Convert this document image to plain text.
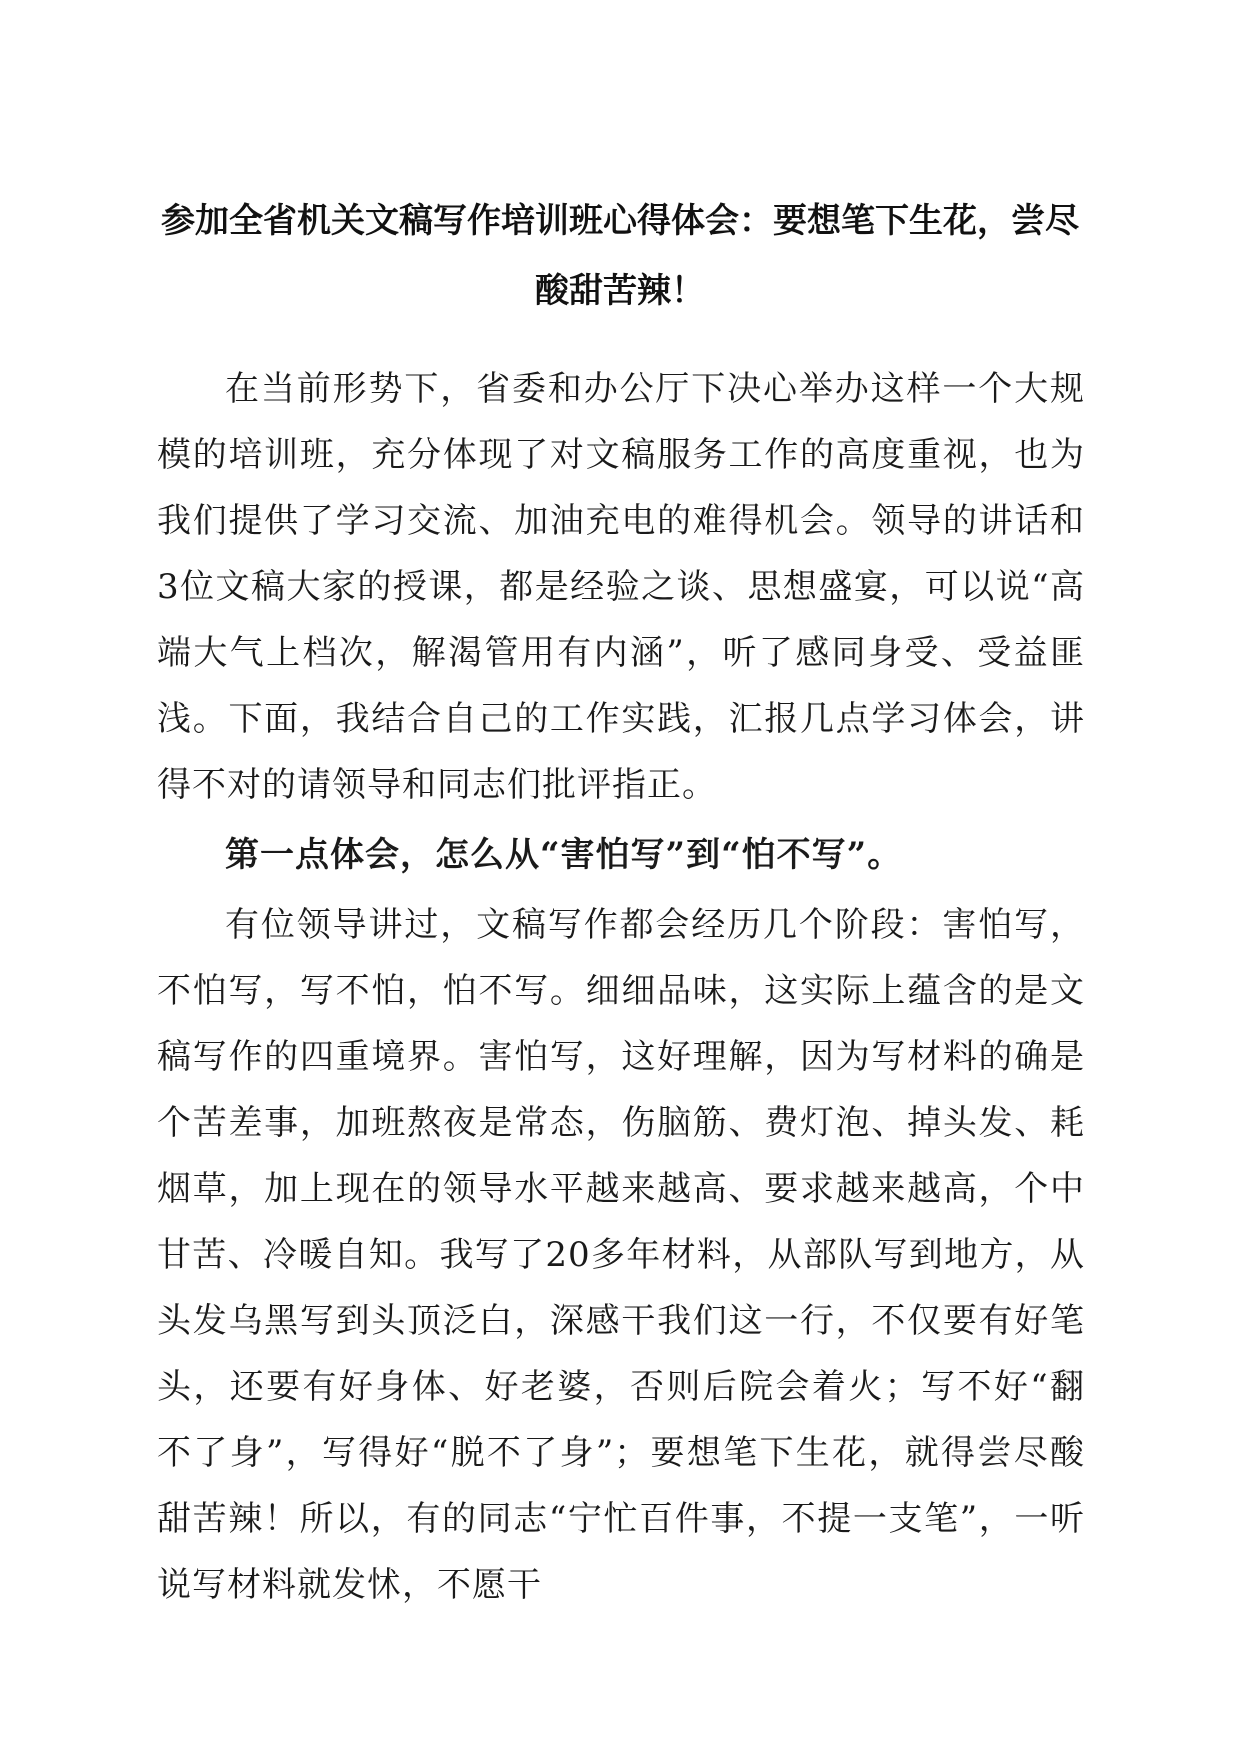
参加全省机关文稿写作培训班心得体会：要想笔下生花，尝尽酸甜苦辣！

在当前形势下，省委和办公厅下决心举办这样一个大规模的培训班，充分体现了对文稿服务工作的高度重视，也为我们提供了学习交流、加油充电的难得机会。领导的讲话和3位文稿大家的授课，都是经验之谈、思想盛宴，可以说“高端大气上档次，解渴管用有内涵”，听了感同身受、受益匪浅。下面，我结合自己的工作实践，汇报几点学习体会，讲得不对的请领导和同志们批评指正。

第一点体会，怎么从“害怕写”到“怕不写”。

有位领导讲过，文稿写作都会经历几个阶段：害怕写，不怕写，写不怕，怕不写。细细品味，这实际上蕴含的是文稿写作的四重境界。害怕写，这好理解，因为写材料的确是个苦差事，加班熬夜是常态，伤脑筋、费灯泡、掉头发、耗烟草，加上现在的领导水平越来越高、要求越来越高，个中甘苦、冷暖自知。我写了20多年材料，从部队写到地方，从头发乌黑写到头顶泛白，深感干我们这一行，不仅要有好笔头，还要有好身体、好老婆，否则后院会着火；写不好“翻不了身”，写得好“脱不了身”；要想笔下生花，就得尝尽酸甜苦辣！所以，有的同志“宁忙百件事，不提一支笔”，一听说写材料就发怵，不愿干
